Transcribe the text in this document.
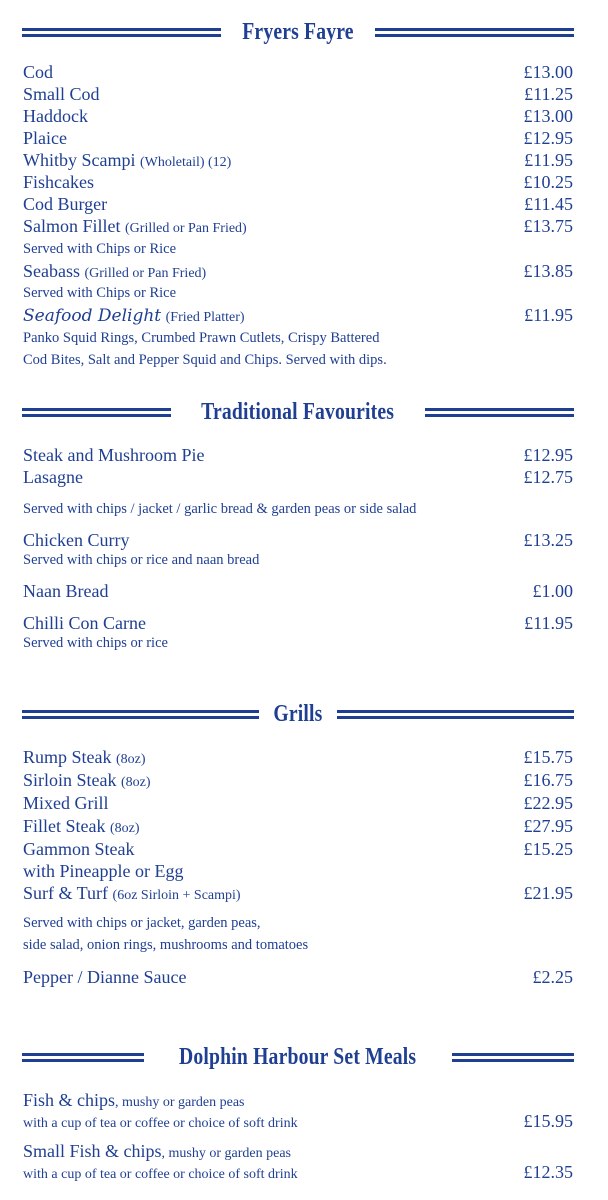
Fryers Fayre
Cod	£13.00
Small Cod	£11.25
Haddock	£13.00
Plaice	£12.95
Whitby Scampi (Wholetail) (12)	£11.95
Fishcakes	£10.25
Cod Burger	£11.45
Salmon Fillet (Grilled or Pan Fried)	£13.75
Served with Chips or Rice
Seabass (Grilled or Pan Fried)	£13.85
Served with Chips or Rice
Seafood Delight (Fried Platter)	£11.95
Panko Squid Rings, Crumbed Prawn Cutlets, Crispy Battered
Cod Bites, Salt and Pepper Squid and Chips. Served with dips.
Traditional Favourites
Steak and Mushroom Pie	£12.95
Lasagne	£12.75
Served with chips / jacket / garlic bread & garden peas or side salad
Chicken Curry	£13.25
Served with chips or rice and naan bread
Naan Bread	£1.00
Chilli Con Carne	£11.95
Served with chips or rice
Grills
Rump Steak (8oz)	£15.75
Sirloin Steak (8oz)	£16.75
Mixed Grill	£22.95
Fillet Steak (8oz)	£27.95
Gammon Steak	£15.25
with Pineapple or Egg
Surf & Turf (6oz Sirloin + Scampi)	£21.95
Served with chips or jacket, garden peas,
side salad, onion rings, mushrooms and tomatoes
Pepper / Dianne Sauce	£2.25
Dolphin Harbour Set Meals
Fish & chips, mushy or garden peas
with a cup of tea or coffee or choice of soft drink	£15.95
Small Fish & chips, mushy or garden peas
with a cup of tea or coffee or choice of soft drink	£12.35
